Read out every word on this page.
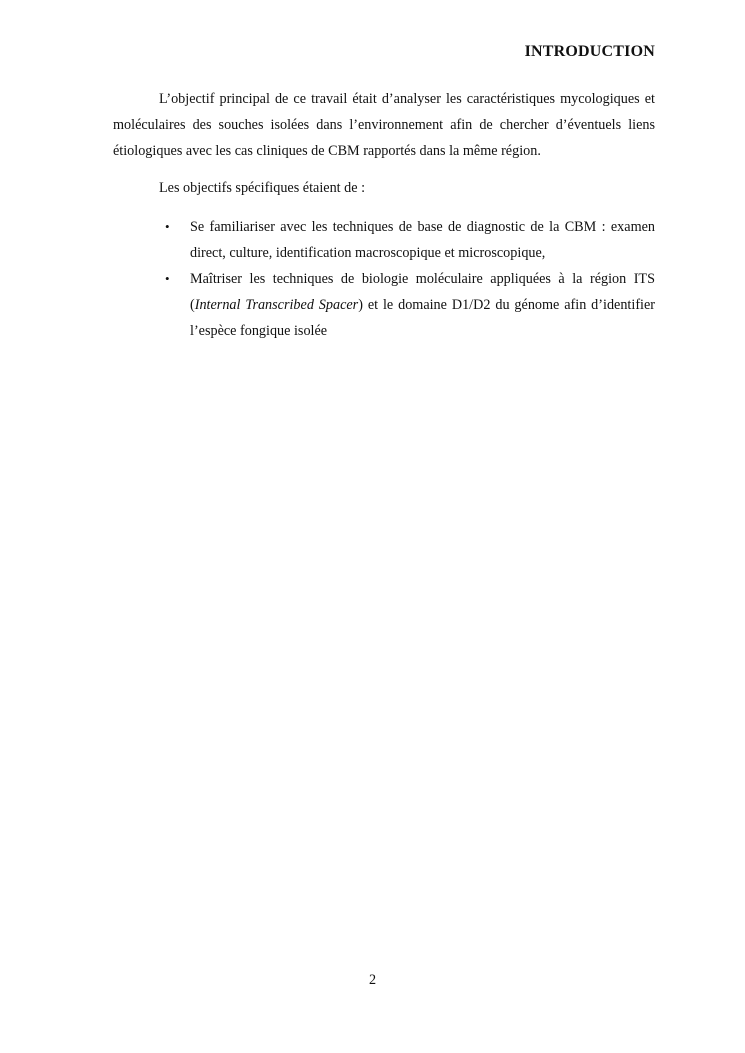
INTRODUCTION

L’objectif principal de ce travail était d’analyser les caractéristiques mycologiques et moléculaires des souches isolées dans l’environnement afin de chercher d’éventuels liens étiologiques avec les cas cliniques de CBM rapportés dans la même région.

Les objectifs spécifiques étaient de :

• Se familiariser avec les techniques de base de diagnostic de la CBM : examen direct, culture, identification macroscopique et microscopique,
• Maîtriser les techniques de biologie moléculaire appliquées à la région ITS (Internal Transcribed Spacer) et le domaine D1/D2 du génome afin d’identifier l’espèce fongique isolée
2
